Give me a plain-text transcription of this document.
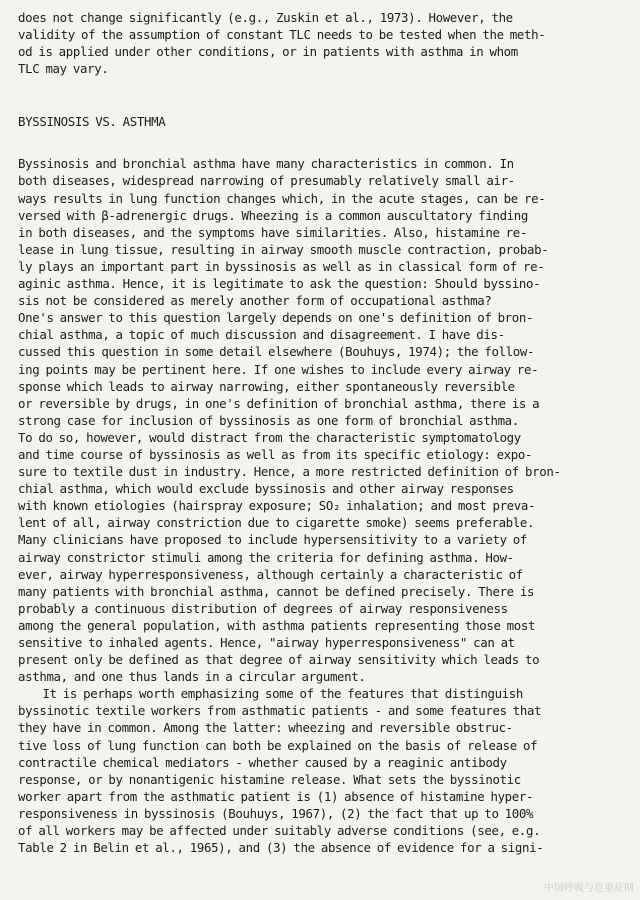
does not change significantly (e.g., Zuskin et al., 1973). However, the
validity of the assumption of constant TLC needs to be tested when the meth-
od is applied under other conditions, or in patients with asthma in whom
TLC may vary.
BYSSINOSIS VS. ASTHMA
Byssinosis and bronchial asthma have many characteristics in common. In
both diseases, widespread narrowing of presumably relatively small air-
ways results in lung function changes which, in the acute stages, can be re-
versed with β-adrenergic drugs. Wheezing is a common auscultatory finding
in both diseases, and the symptoms have similarities. Also, histamine re-
lease in lung tissue, resulting in airway smooth muscle contraction, probab-
ly plays an important part in byssinosis as well as in classical form of re-
aginic asthma. Hence, it is legitimate to ask the question: Should byssino-
sis not be considered as merely another form of occupational asthma?
One's answer to this question largely depends on one's definition of bron-
chial asthma, a topic of much discussion and disagreement. I have dis-
cussed this question in some detail elsewhere (Bouhuys, 1974); the follow-
ing points may be pertinent here. If one wishes to include every airway re-
sponse which leads to airway narrowing, either spontaneously reversible
or reversible by drugs, in one's definition of bronchial asthma, there is a
strong case for inclusion of byssinosis as one form of bronchial asthma.
To do so, however, would distract from the characteristic symptomatology
and time course of byssinosis as well as from its specific etiology: expo-
sure to textile dust in industry. Hence, a more restricted definition of bron-
chial asthma, which would exclude byssinosis and other airway responses
with known etiologies (hairspray exposure; SO₂ inhalation; and most preva-
lent of all, airway constriction due to cigarette smoke) seems preferable.
Many clinicians have proposed to include hypersensitivity to a variety of
airway constrictor stimuli among the criteria for defining asthma. How-
ever, airway hyperresponsiveness, although certainly a characteristic of
many patients with bronchial asthma, cannot be defined precisely. There is
probably a continuous distribution of degrees of airway responsiveness
among the general population, with asthma patients representing those most
sensitive to inhaled agents. Hence, "airway hyperresponsiveness" can at
present only be defined as that degree of airway sensitivity which leads to
asthma, and one thus lands in a circular argument.
It is perhaps worth emphasizing some of the features that distinguish
byssinotic textile workers from asthmatic patients - and some features that
they have in common. Among the latter: wheezing and reversible obstruc-
tive loss of lung function can both be explained on the basis of release of
contractile chemical mediators - whether caused by a reaginic antibody
response, or by nonantigenic histamine release. What sets the byssinotic
worker apart from the asthmatic patient is (1) absence of histamine hyper-
responsiveness in byssinosis (Bouhuys, 1967), (2) the fact that up to 100%
of all workers may be affected under suitably adverse conditions (see, e.g.
Table 2 in Belin et al., 1965), and (3) the absence of evidence for a signi-
中国呼吸与危重症网
